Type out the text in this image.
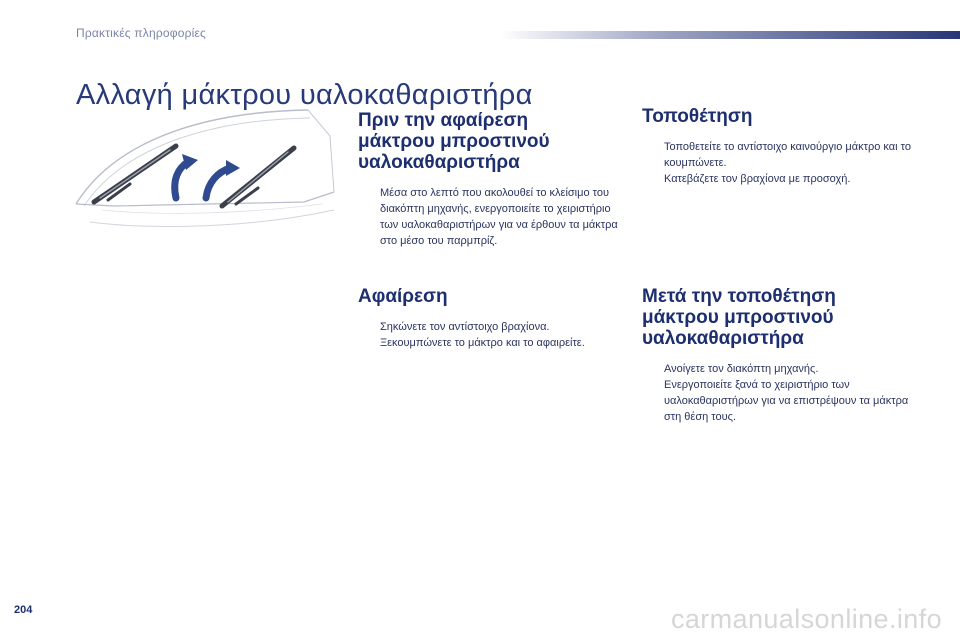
Πρακτικές πληροφορίες
Αλλαγή μάκτρου υαλοκαθαριστήρα
Πριν την αφαίρεση
μάκτρου μπροστινού
υαλοκαθαριστήρα
Μέσα στο λεπτό που ακολουθεί το κλείσιμο του διακόπτη μηχανής, ενεργοποιείτε το χειριστήριο των υαλοκαθαριστήρων για να έρθουν τα μάκτρα στο μέσο του παρμπρίζ.
Αφαίρεση
Σηκώνετε τον αντίστοιχο βραχίονα.
Ξεκουμπώνετε το μάκτρο και το αφαιρείτε.
Τοποθέτηση
Τοποθετείτε το αντίστοιχο καινούργιο μάκτρο και το κουμπώνετε.
Κατεβάζετε τον βραχίονα με προσοχή.
Μετά την τοποθέτηση
μάκτρου μπροστινού
υαλοκαθαριστήρα
Ανοίγετε τον διακόπτη μηχανής.
Ενεργοποιείτε ξανά το χειριστήριο των υαλοκαθαριστήρων για να επιστρέψουν τα μάκτρα στη θέση τους.
204	carmanualsonline.info
